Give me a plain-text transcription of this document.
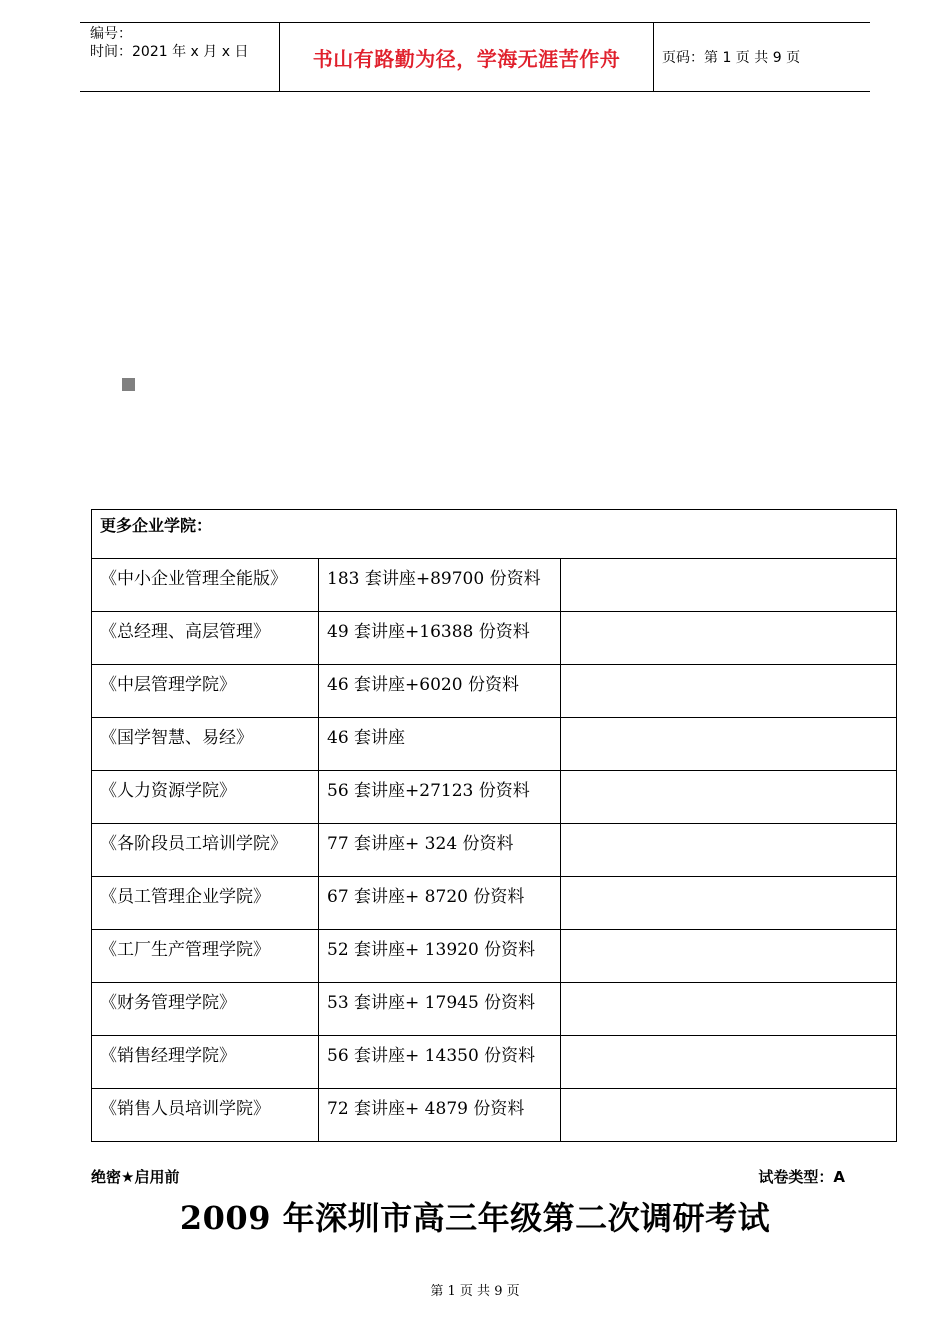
编号：
时间：2021 年 x 月 x 日	书山有路勤为径，学海无涯苦作舟	页码：第 1 页 共 9 页
更多企业学院：		
《中小企业管理全能版》	183 套讲座+89700 份资料	
《总经理、高层管理》	49 套讲座+16388 份资料	
《中层管理学院》	46 套讲座+6020 份资料	
《国学智慧、易经》	46 套讲座	
《人力资源学院》	56 套讲座+27123 份资料	
《各阶段员工培训学院》	77 套讲座+ 324 份资料	
《员工管理企业学院》	67 套讲座+ 8720 份资料	
《工厂生产管理学院》	52 套讲座+ 13920 份资料	
《财务管理学院》	53 套讲座+ 17945 份资料	
《销售经理学院》	56 套讲座+ 14350 份资料	
《销售人员培训学院》	72 套讲座+ 4879 份资料	
绝密★启用前	试卷类型：A
2009 年深圳市高三年级第二次调研考试
第 1 页 共 9 页
